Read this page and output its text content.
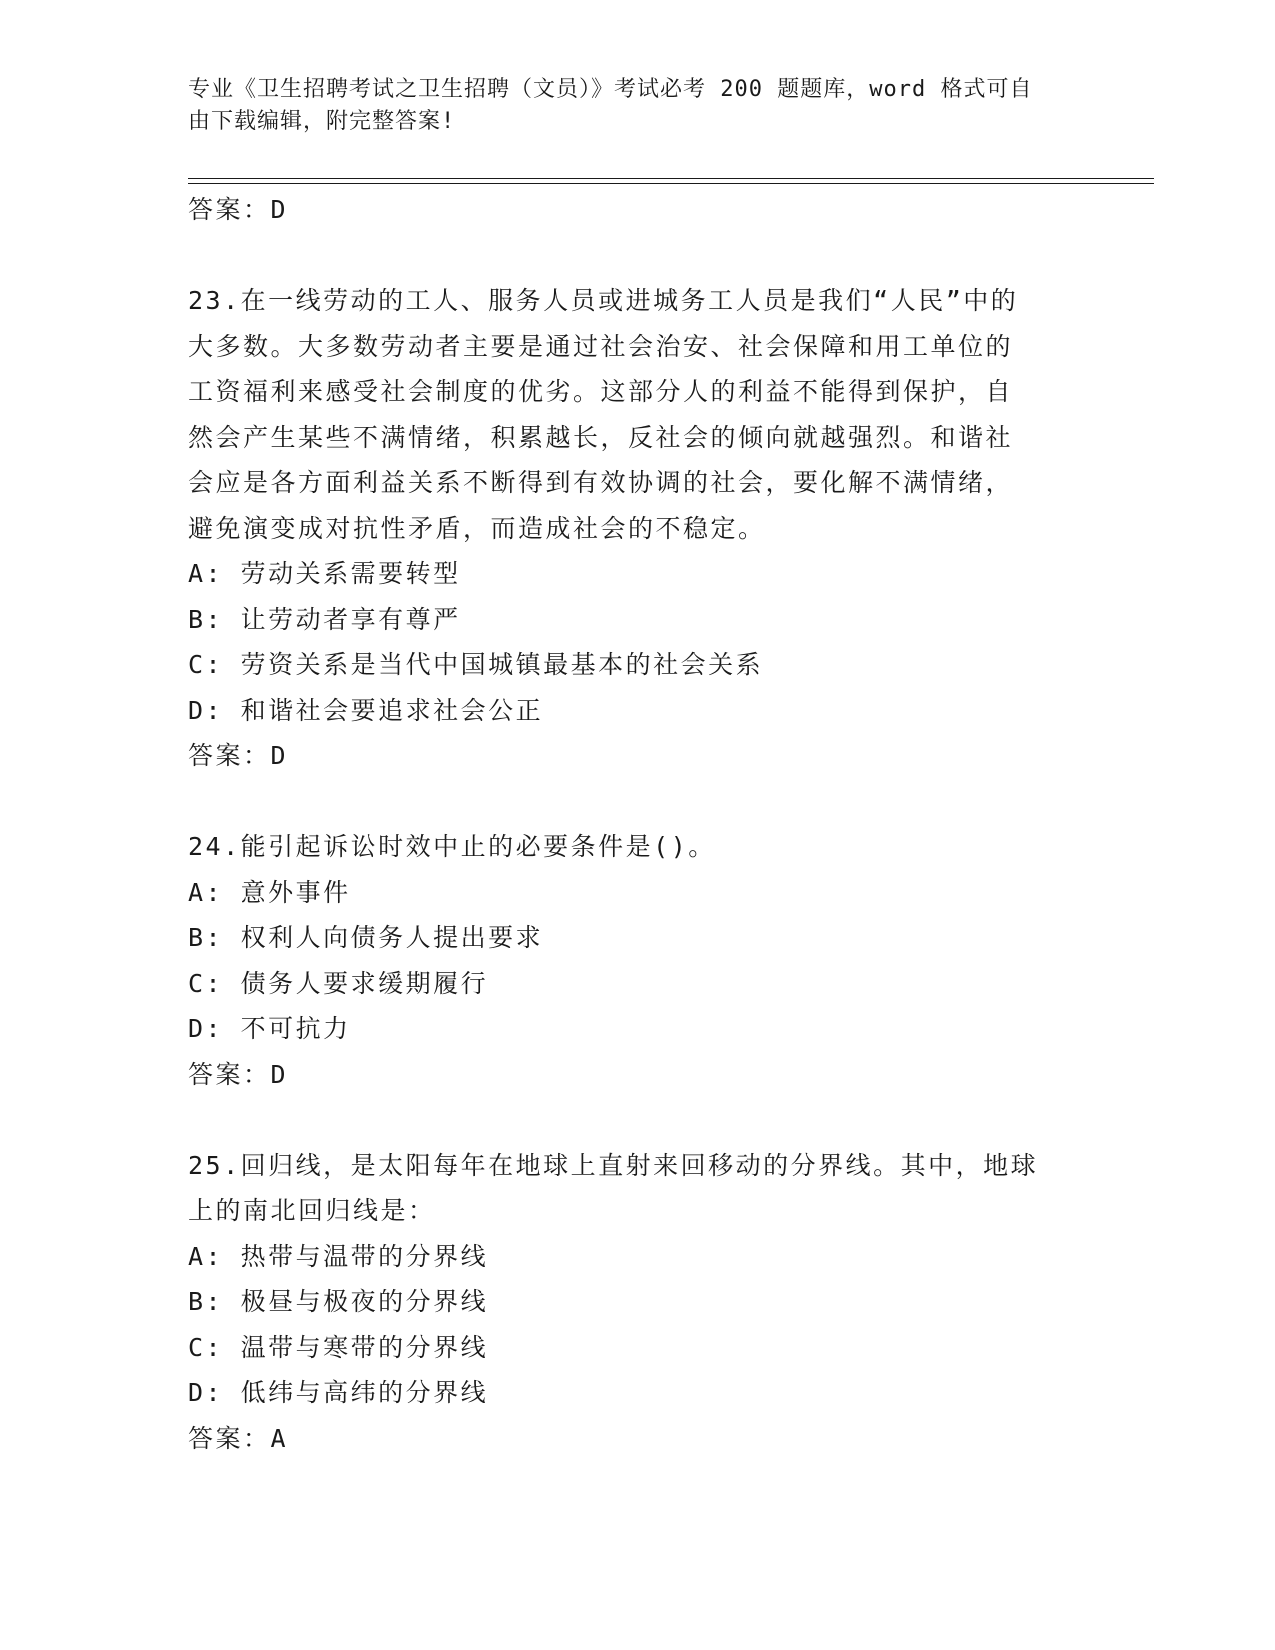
专业《卫生招聘考试之卫生招聘（文员）》考试必考 200 题题库，word 格式可自

由下载编辑，附完整答案!

答案：D

23.在一线劳动的工人、服务人员或进城务工人员是我们“人民”中的

大多数。大多数劳动者主要是通过社会治安、社会保障和用工单位的

工资福利来感受社会制度的优劣。这部分人的利益不能得到保护，自

然会产生某些不满情绪，积累越长，反社会的倾向就越强烈。和谐社

会应是各方面利益关系不断得到有效协调的社会，要化解不满情绪，

避免演变成对抗性矛盾，而造成社会的不稳定。

A: 劳动关系需要转型

B: 让劳动者享有尊严

C: 劳资关系是当代中国城镇最基本的社会关系

D: 和谐社会要追求社会公正

答案：D

24.能引起诉讼时效中止的必要条件是()。

A: 意外事件

B: 权利人向债务人提出要求

C: 债务人要求缓期履行

D: 不可抗力

答案：D

25.回归线，是太阳每年在地球上直射来回移动的分界线。其中，地球

上的南北回归线是：

A: 热带与温带的分界线

B: 极昼与极夜的分界线

C: 温带与寒带的分界线

D: 低纬与高纬的分界线

答案：A
